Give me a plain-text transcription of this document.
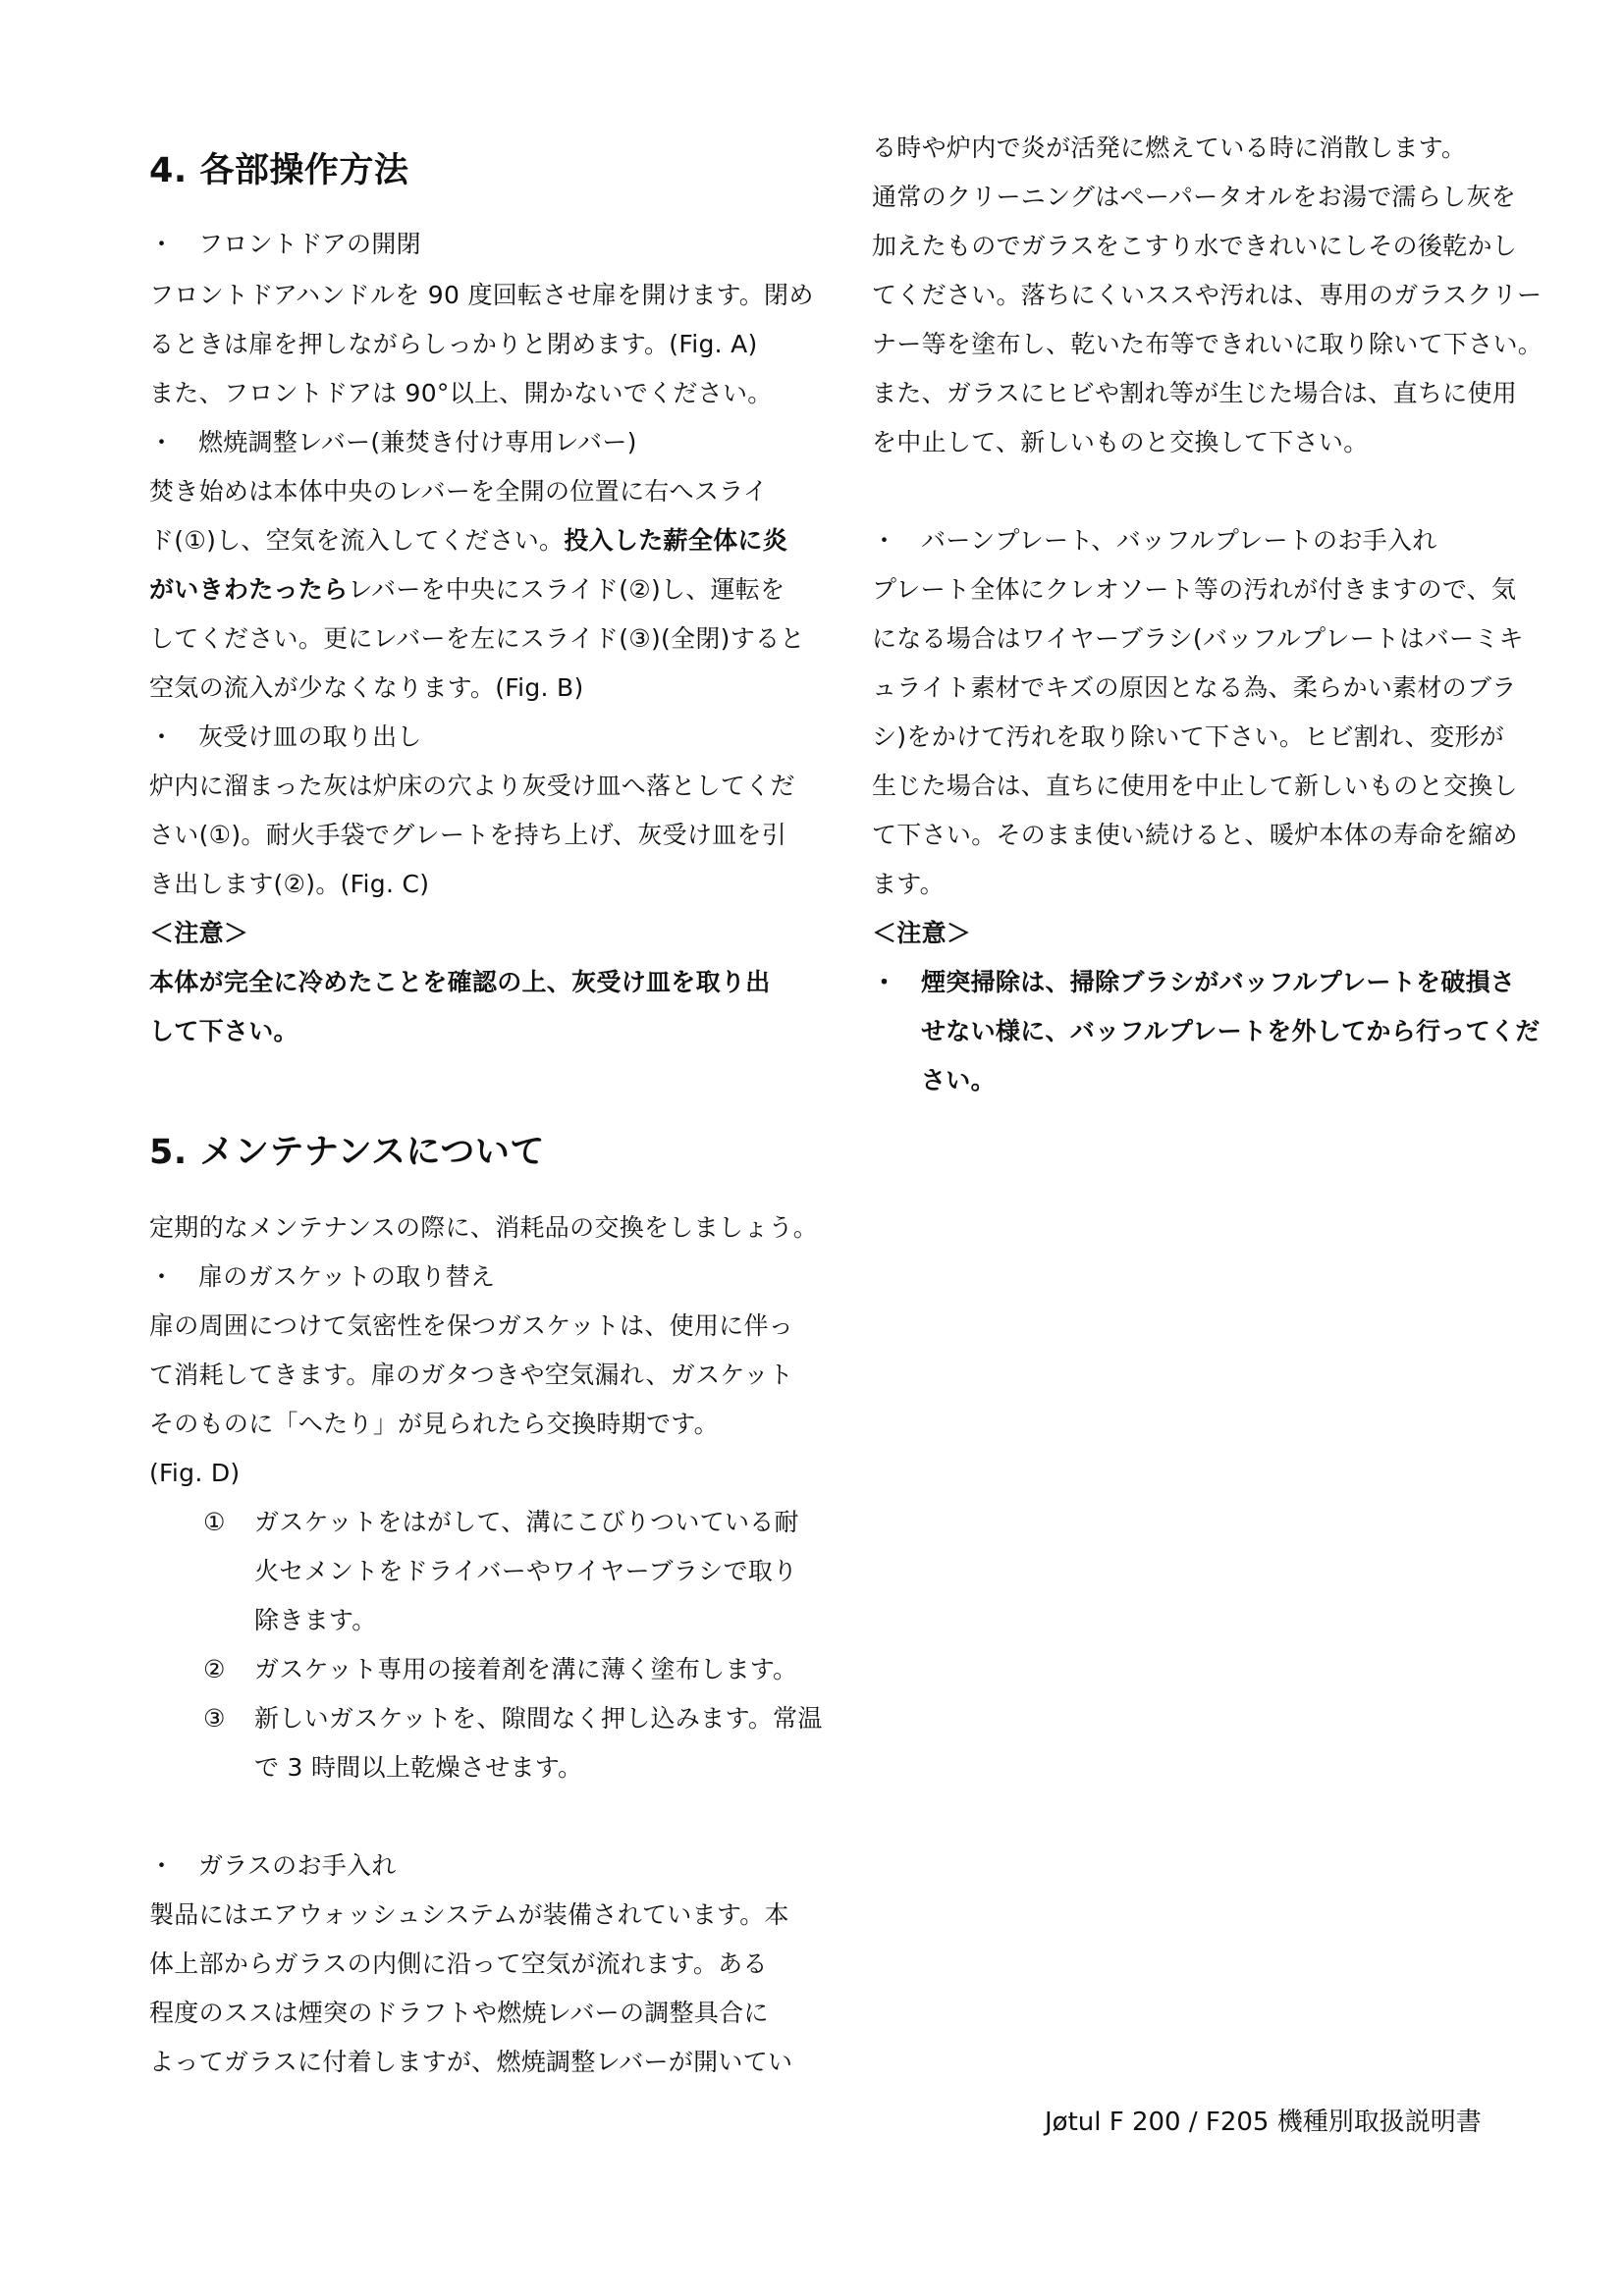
4. 各部操作方法
・ フロントドアの開閉
フロントドアハンドルを 90 度回転させ扉を開けます。閉め
るときは扉を押しながらしっかりと閉めます。(Fig. A)
また、フロントドアは 90°以上、開かないでください。
・ 燃焼調整レバー(兼焚き付け専用レバー)
焚き始めは本体中央のレバーを全開の位置に右へスライ
ド(①)し、空気を流入してください。投入した薪全体に炎
がいきわたったらレバーを中央にスライド(②)し、運転を
してください。更にレバーを左にスライド(③)(全閉)すると
空気の流入が少なくなります。(Fig. B)
・ 灰受け皿の取り出し
炉内に溜まった灰は炉床の穴より灰受け皿へ落としてくだ
さい(①)。耐火手袋でグレートを持ち上げ、灰受け皿を引
き出します(②)。(Fig. C)
＜注意＞
本体が完全に冷めたことを確認の上、灰受け皿を取り出
して下さい。
5. メンテナンスについて
定期的なメンテナンスの際に、消耗品の交換をしましょう。
・ 扉のガスケットの取り替え
扉の周囲につけて気密性を保つガスケットは、使用に伴っ
て消耗してきます。扉のガタつきや空気漏れ、ガスケット
そのものに「へたり」が見られたら交換時期です。
(Fig. D)
① ガスケットをはがして、溝にこびりついている耐
火セメントをドライバーやワイヤーブラシで取り
除きます。
② ガスケット専用の接着剤を溝に薄く塗布します。
③ 新しいガスケットを、隙間なく押し込みます。常温
で 3 時間以上乾燥させます。
・ ガラスのお手入れ
製品にはエアウォッシュシステムが装備されています。本
体上部からガラスの内側に沿って空気が流れます。ある
程度のススは煙突のドラフトや燃焼レバーの調整具合に
よってガラスに付着しますが、燃焼調整レバーが開いてい
る時や炉内で炎が活発に燃えている時に消散します。
通常のクリーニングはペーパータオルをお湯で濡らし灰を
加えたものでガラスをこすり水できれいにしその後乾かし
てください。落ちにくいススや汚れは、専用のガラスクリー
ナー等を塗布し、乾いた布等できれいに取り除いて下さい。
また、ガラスにヒビや割れ等が生じた場合は、直ちに使用
を中止して、新しいものと交換して下さい。
・ バーンプレート、バッフルプレートのお手入れ
プレート全体にクレオソート等の汚れが付きますので、気
になる場合はワイヤーブラシ(バッフルプレートはバーミキ
ュライト素材でキズの原因となる為、柔らかい素材のブラ
シ)をかけて汚れを取り除いて下さい。ヒビ割れ、変形が
生じた場合は、直ちに使用を中止して新しいものと交換し
て下さい。そのまま使い続けると、暖炉本体の寿命を縮め
ます。
＜注意＞
・ 煙突掃除は、掃除ブラシがバッフルプレートを破損さ
せない様に、バッフルプレートを外してから行ってくだ
さい。
Jøtul F 200 / F205 機種別取扱説明書
